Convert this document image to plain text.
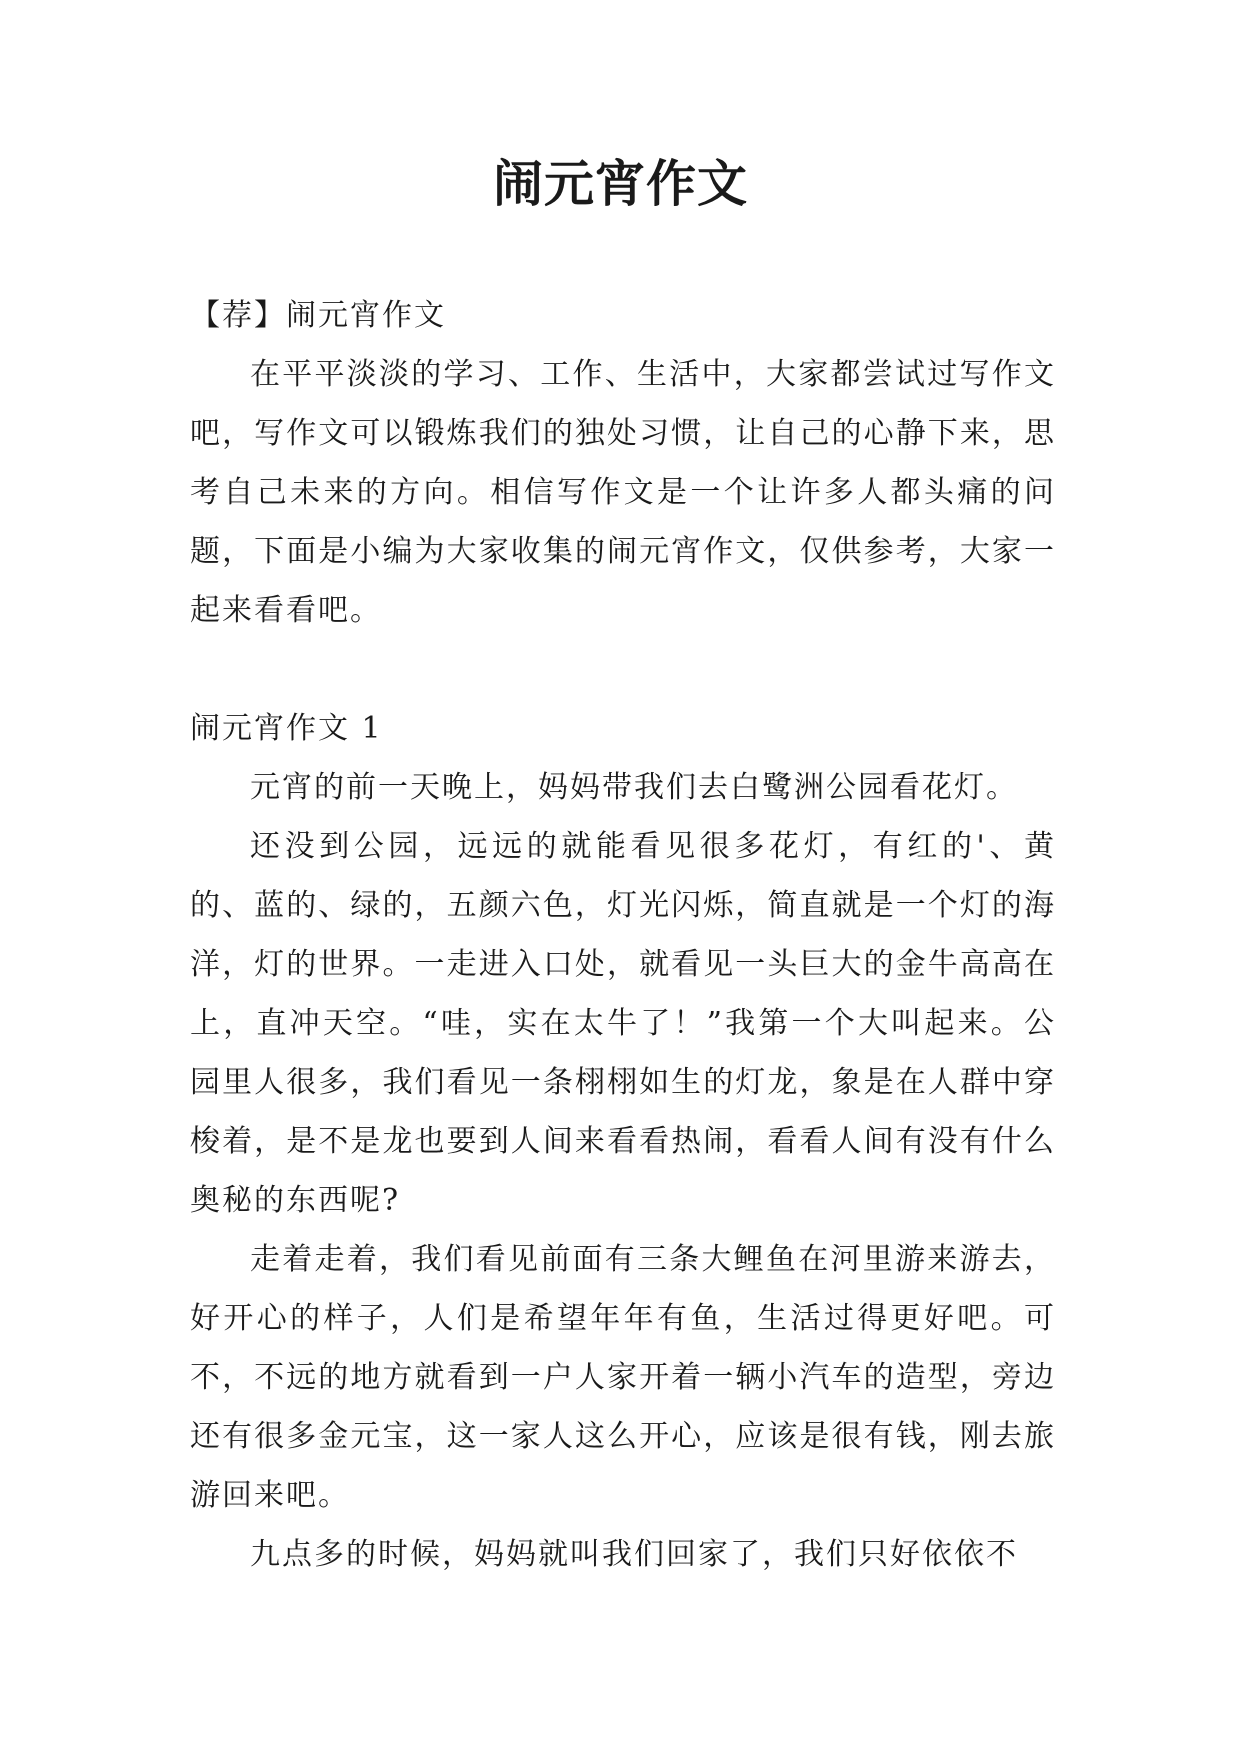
闹元宵作文

【荐】闹元宵作文

在平平淡淡的学习、工作、生活中，大家都尝试过写作文吧，写作文可以锻炼我们的独处习惯，让自己的心静下来，思考自己未来的方向。相信写作文是一个让许多人都头痛的问题，下面是小编为大家收集的闹元宵作文，仅供参考，大家一起来看看吧。

闹元宵作文 1

元宵的前一天晚上，妈妈带我们去白鹭洲公园看花灯。

还没到公园，远远的就能看见很多花灯，有红的'、黄的、蓝的、绿的，五颜六色，灯光闪烁，简直就是一个灯的海洋，灯的世界。一走进入口处，就看见一头巨大的金牛高高在上，直冲天空。“哇，实在太牛了！”我第一个大叫起来。公园里人很多，我们看见一条栩栩如生的灯龙，象是在人群中穿梭着，是不是龙也要到人间来看看热闹，看看人间有没有什么奥秘的东西呢?

走着走着，我们看见前面有三条大鲤鱼在河里游来游去，好开心的样子，人们是希望年年有鱼，生活过得更好吧。可不，不远的地方就看到一户人家开着一辆小汽车的造型，旁边还有很多金元宝，这一家人这么开心，应该是很有钱，刚去旅游回来吧。

九点多的时候，妈妈就叫我们回家了，我们只好依依不
